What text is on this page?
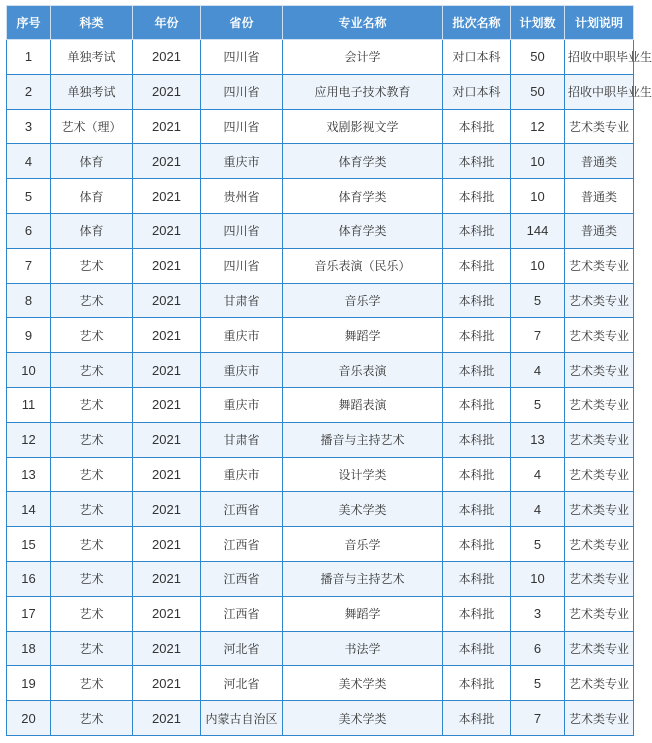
序号	科类	年份	省份	专业名称	批次名称	计划数	计划说明
1	单独考试	2021	四川省	会计学	对口本科	50	招收中职毕业生
2	单独考试	2021	四川省	应用电子技术教育	对口本科	50	招收中职毕业生
3	艺术（理）	2021	四川省	戏剧影视文学	本科批	12	艺术类专业
4	体育	2021	重庆市	体育学类	本科批	10	普通类
5	体育	2021	贵州省	体育学类	本科批	10	普通类
6	体育	2021	四川省	体育学类	本科批	144	普通类
7	艺术	2021	四川省	音乐表演（民乐）	本科批	10	艺术类专业
8	艺术	2021	甘肃省	音乐学	本科批	5	艺术类专业
9	艺术	2021	重庆市	舞蹈学	本科批	7	艺术类专业
10	艺术	2021	重庆市	音乐表演	本科批	4	艺术类专业
11	艺术	2021	重庆市	舞蹈表演	本科批	5	艺术类专业
12	艺术	2021	甘肃省	播音与主持艺术	本科批	13	艺术类专业
13	艺术	2021	重庆市	设计学类	本科批	4	艺术类专业
14	艺术	2021	江西省	美术学类	本科批	4	艺术类专业
15	艺术	2021	江西省	音乐学	本科批	5	艺术类专业
16	艺术	2021	江西省	播音与主持艺术	本科批	10	艺术类专业
17	艺术	2021	江西省	舞蹈学	本科批	3	艺术类专业
18	艺术	2021	河北省	书法学	本科批	6	艺术类专业
19	艺术	2021	河北省	美术学类	本科批	5	艺术类专业
20	艺术	2021	内蒙古自治区	美术学类	本科批	7	艺术类专业
